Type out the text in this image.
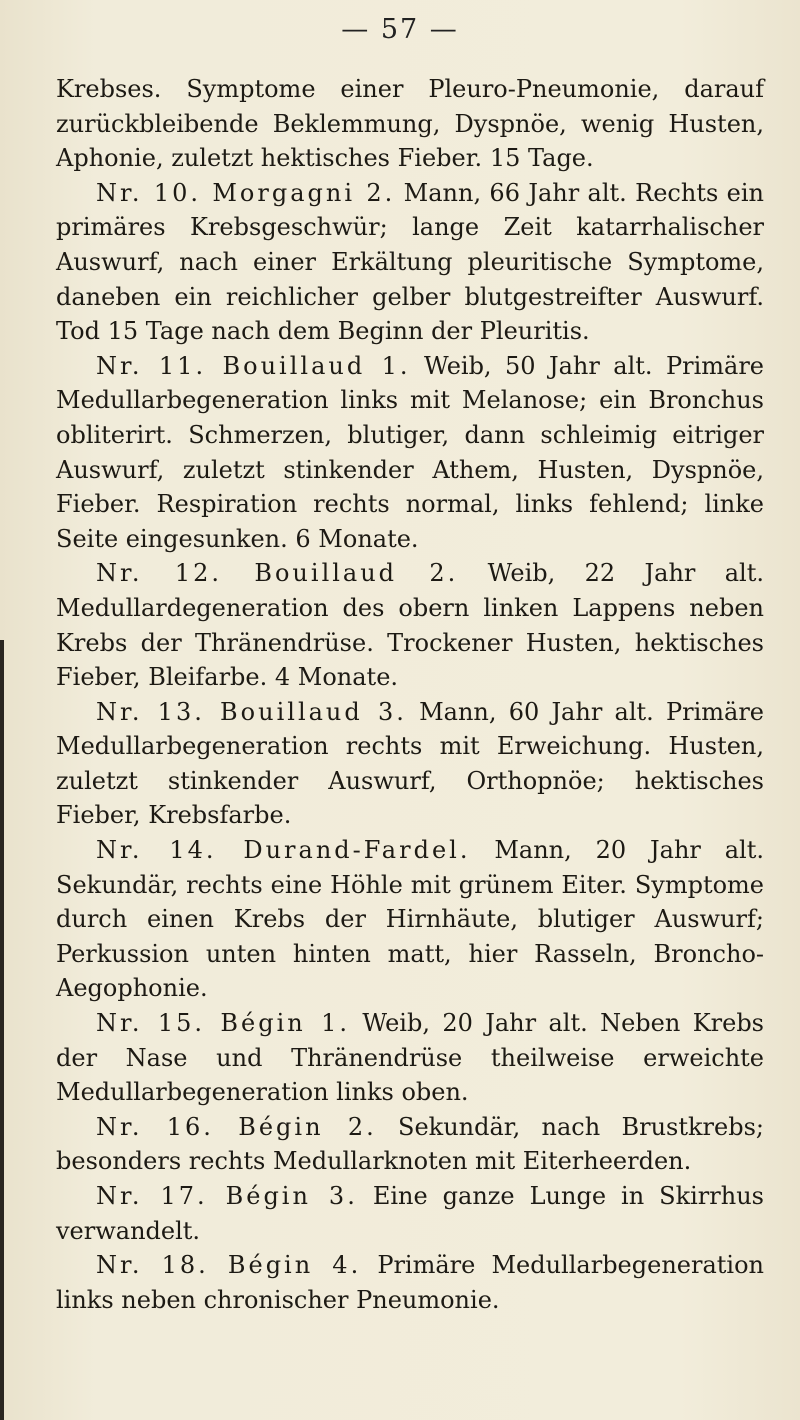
— 57 —

Krebses. Symptome einer Pleuro-Pneumonie, darauf zurückbleibende Beklemmung, Dyspnöe, wenig Husten, Aphonie, zuletzt hektisches Fieber. 15 Tage.

Nr. 10. Morgagni 2. Mann, 66 Jahr alt. Rechts ein primäres Krebsgeschwür; lange Zeit katarrhalischer Auswurf, nach einer Erkältung pleuritische Symptome, daneben ein reichlicher gelber blutgestreifter Auswurf. Tod 15 Tage nach dem Beginn der Pleuritis.

Nr. 11. Bouillaud 1. Weib, 50 Jahr alt. Primäre Medullarbegeneration links mit Melanose; ein Bronchus obliterirt. Schmerzen, blutiger, dann schleimig eitriger Auswurf, zuletzt stinkender Athem, Husten, Dyspnöe, Fieber. Respiration rechts normal, links fehlend; linke Seite eingesunken. 6 Monate.

Nr. 12. Bouillaud 2. Weib, 22 Jahr alt. Medullardegeneration des obern linken Lappens neben Krebs der Thränendrüse. Trockener Husten, hektisches Fieber, Bleifarbe. 4 Monate.

Nr. 13. Bouillaud 3. Mann, 60 Jahr alt. Primäre Medullarbegeneration rechts mit Erweichung. Husten, zuletzt stinkender Auswurf, Orthopnöe; hektisches Fieber, Krebsfarbe.

Nr. 14. Durand-Fardel. Mann, 20 Jahr alt. Sekundär, rechts eine Höhle mit grünem Eiter. Symptome durch einen Krebs der Hirnhäute, blutiger Auswurf; Perkussion unten hinten matt, hier Rasseln, Broncho-Aegophonie.

Nr. 15. Bégin 1. Weib, 20 Jahr alt. Neben Krebs der Nase und Thränendrüse theilweise erweichte Medullarbegeneration links oben.

Nr. 16. Bégin 2. Sekundär, nach Brustkrebs; besonders rechts Medullarknoten mit Eiterheerden.

Nr. 17. Bégin 3. Eine ganze Lunge in Skirrhus verwandelt.

Nr. 18. Bégin 4. Primäre Medullarbegeneration links neben chronischer Pneumonie.
